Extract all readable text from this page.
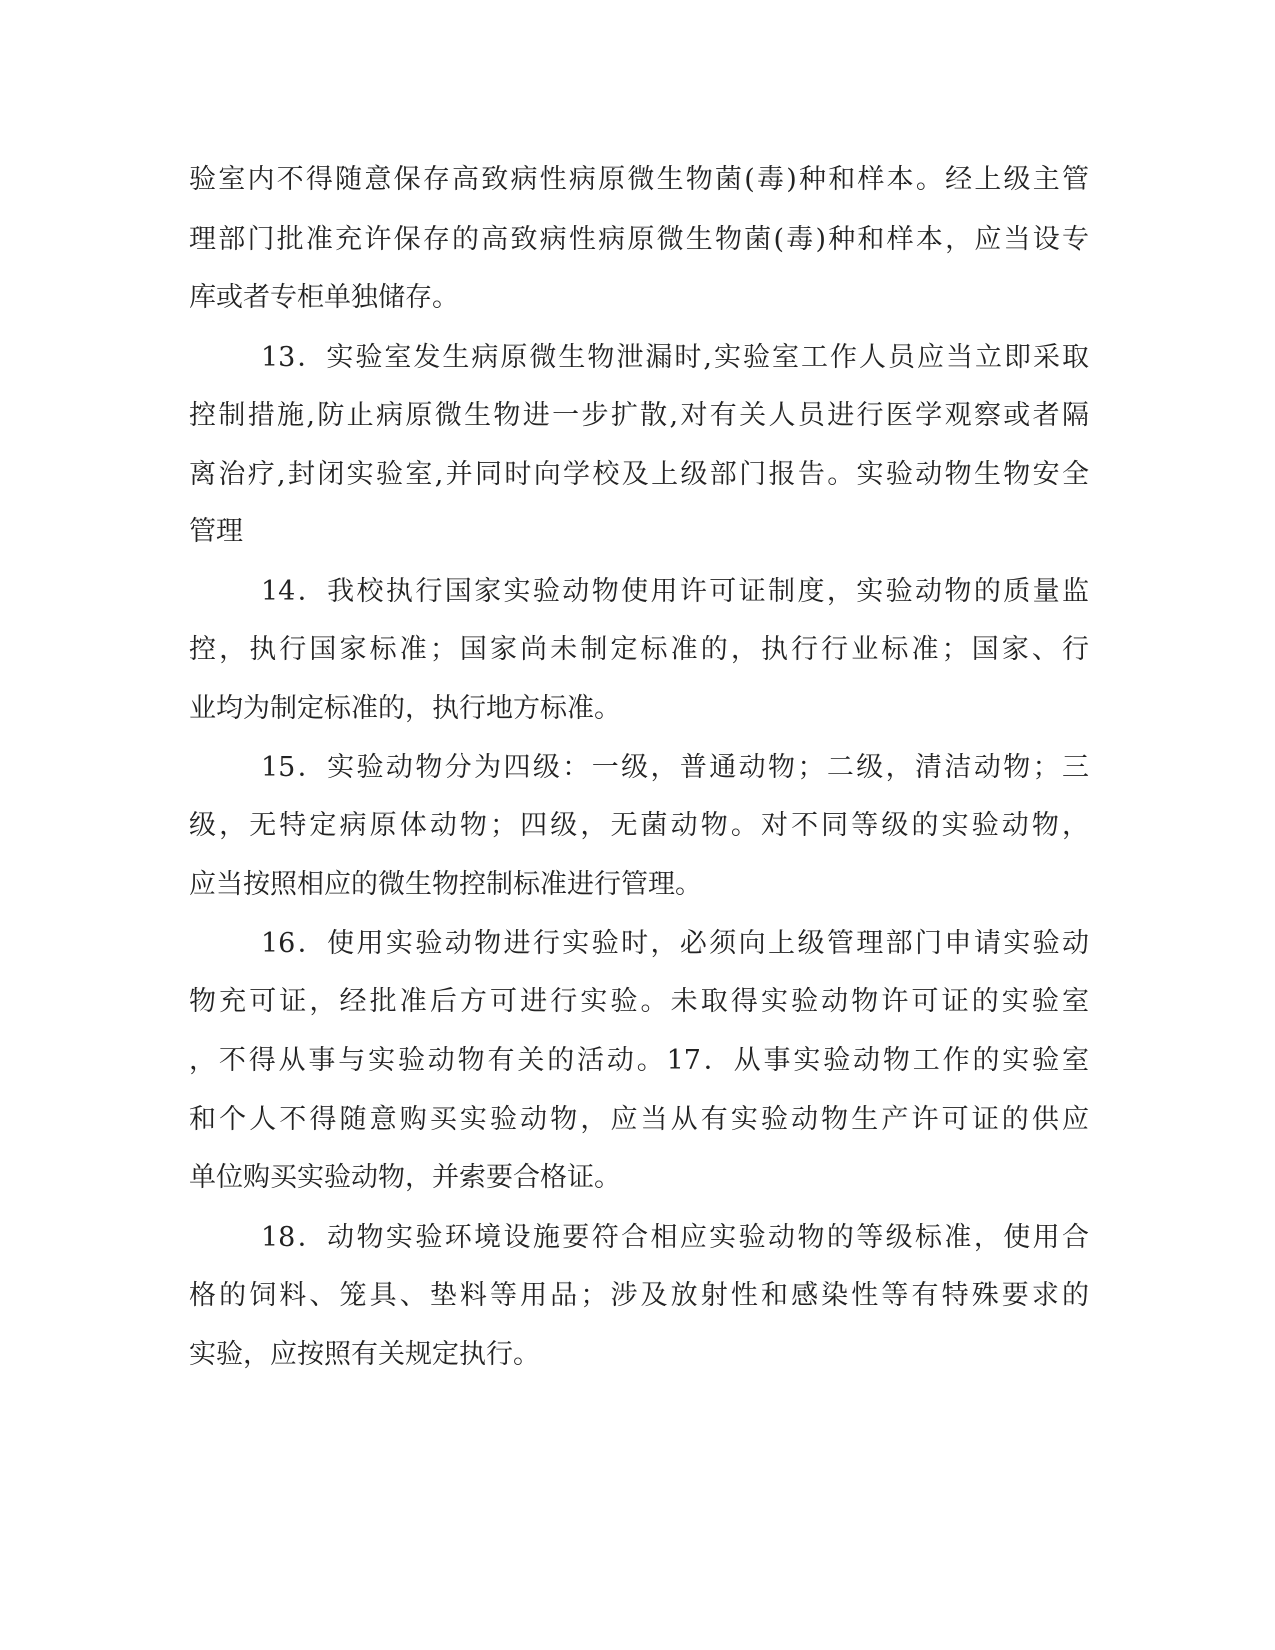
验室内不得随意保存高致病性病原微生物菌(毒)种和样本。经上级主管
理部门批准充许保存的高致病性病原微生物菌(毒)种和样本，应当设专
库或者专柜单独储存。
13．实验室发生病原微生物泄漏时,实验室工作人员应当立即采取
控制措施,防止病原微生物进一步扩散,对有关人员进行医学观察或者隔
离治疗,封闭实验室,并同时向学校及上级部门报告。实验动物生物安全
管理
14．我校执行国家实验动物使用许可证制度，实验动物的质量监
控，执行国家标准；国家尚未制定标准的，执行行业标准；国家、行
业均为制定标准的，执行地方标准。
15．实验动物分为四级：一级，普通动物；二级，清洁动物；三
级，无特定病原体动物；四级，无菌动物。对不同等级的实验动物，
应当按照相应的微生物控制标准进行管理。
16．使用实验动物进行实验时，必须向上级管理部门申请实验动
物充可证，经批准后方可进行实验。未取得实验动物许可证的实验室
，不得从事与实验动物有关的活动。17．从事实验动物工作的实验室
和个人不得随意购买实验动物，应当从有实验动物生产许可证的供应
单位购买实验动物，并索要合格证。
18．动物实验环境设施要符合相应实验动物的等级标准，使用合
格的饲料、笼具、垫料等用品；涉及放射性和感染性等有特殊要求的
实验，应按照有关规定执行。
